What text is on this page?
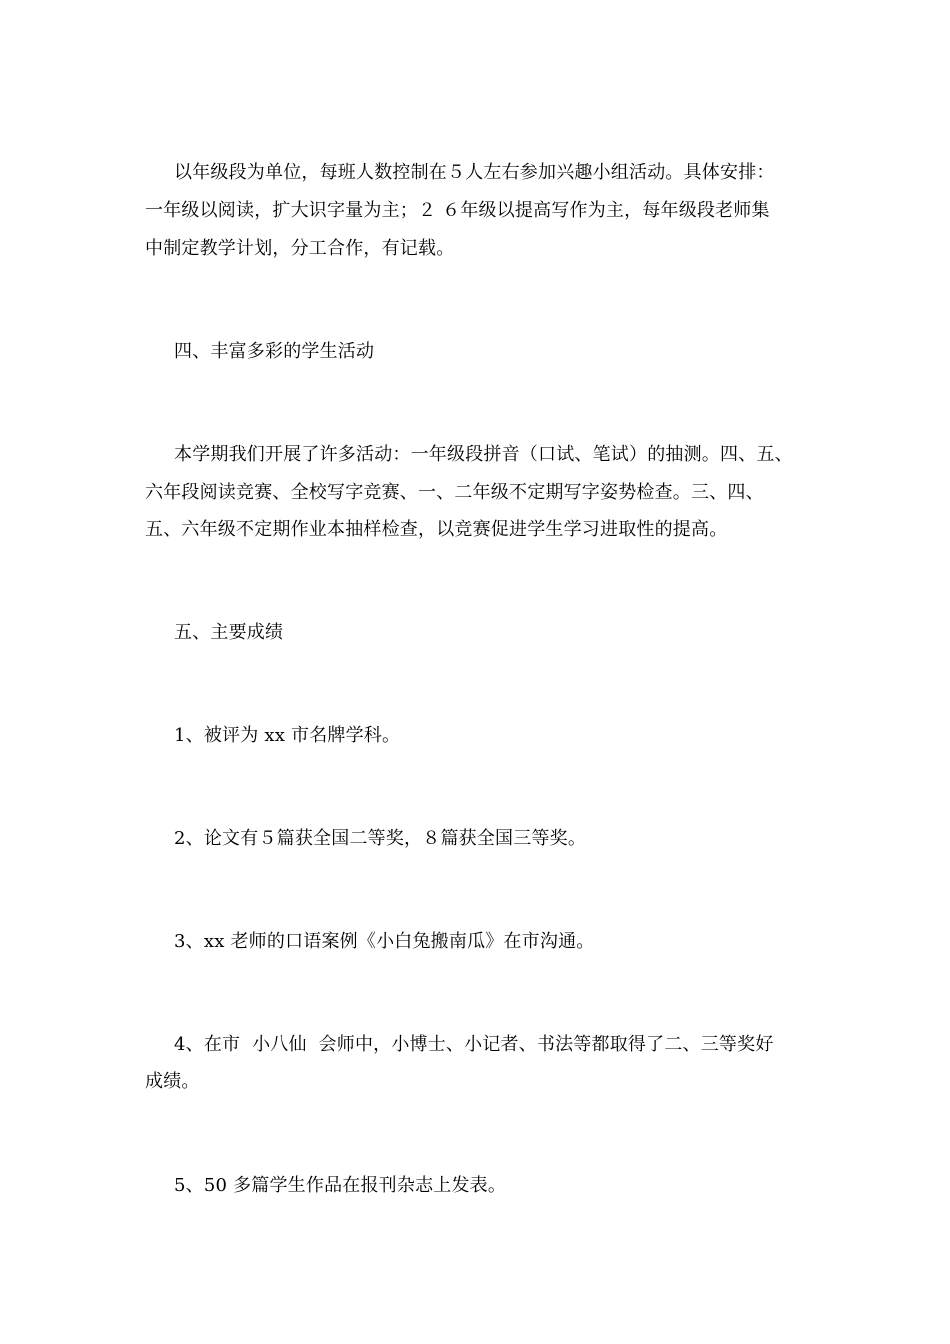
以年级段为单位，每班人数控制在５人左右参加兴趣小组活动。具体安排：
一年级以阅读，扩大识字量为主；２ ６年级以提高写作为主，每年级段老师集
中制定教学计划，分工合作，有记载。
四、丰富多彩的学生活动
本学期我们开展了许多活动：一年级段拼音（口试、笔试）的抽测。四、五、
六年段阅读竞赛、全校写字竞赛、一、二年级不定期写字姿势检查。三、四、
五、六年级不定期作业本抽样检查，以竞赛促进学生学习进取性的提高。
五、主要成绩
1、被评为 xx 市名牌学科。
2、论文有５篇获全国二等奖，８篇获全国三等奖。
3、xx 老师的口语案例《小白兔搬南瓜》在市沟通。
4、在市  小八仙  会师中，小博士、小记者、书法等都取得了二、三等奖好
成绩。
5、50 多篇学生作品在报刊杂志上发表。
